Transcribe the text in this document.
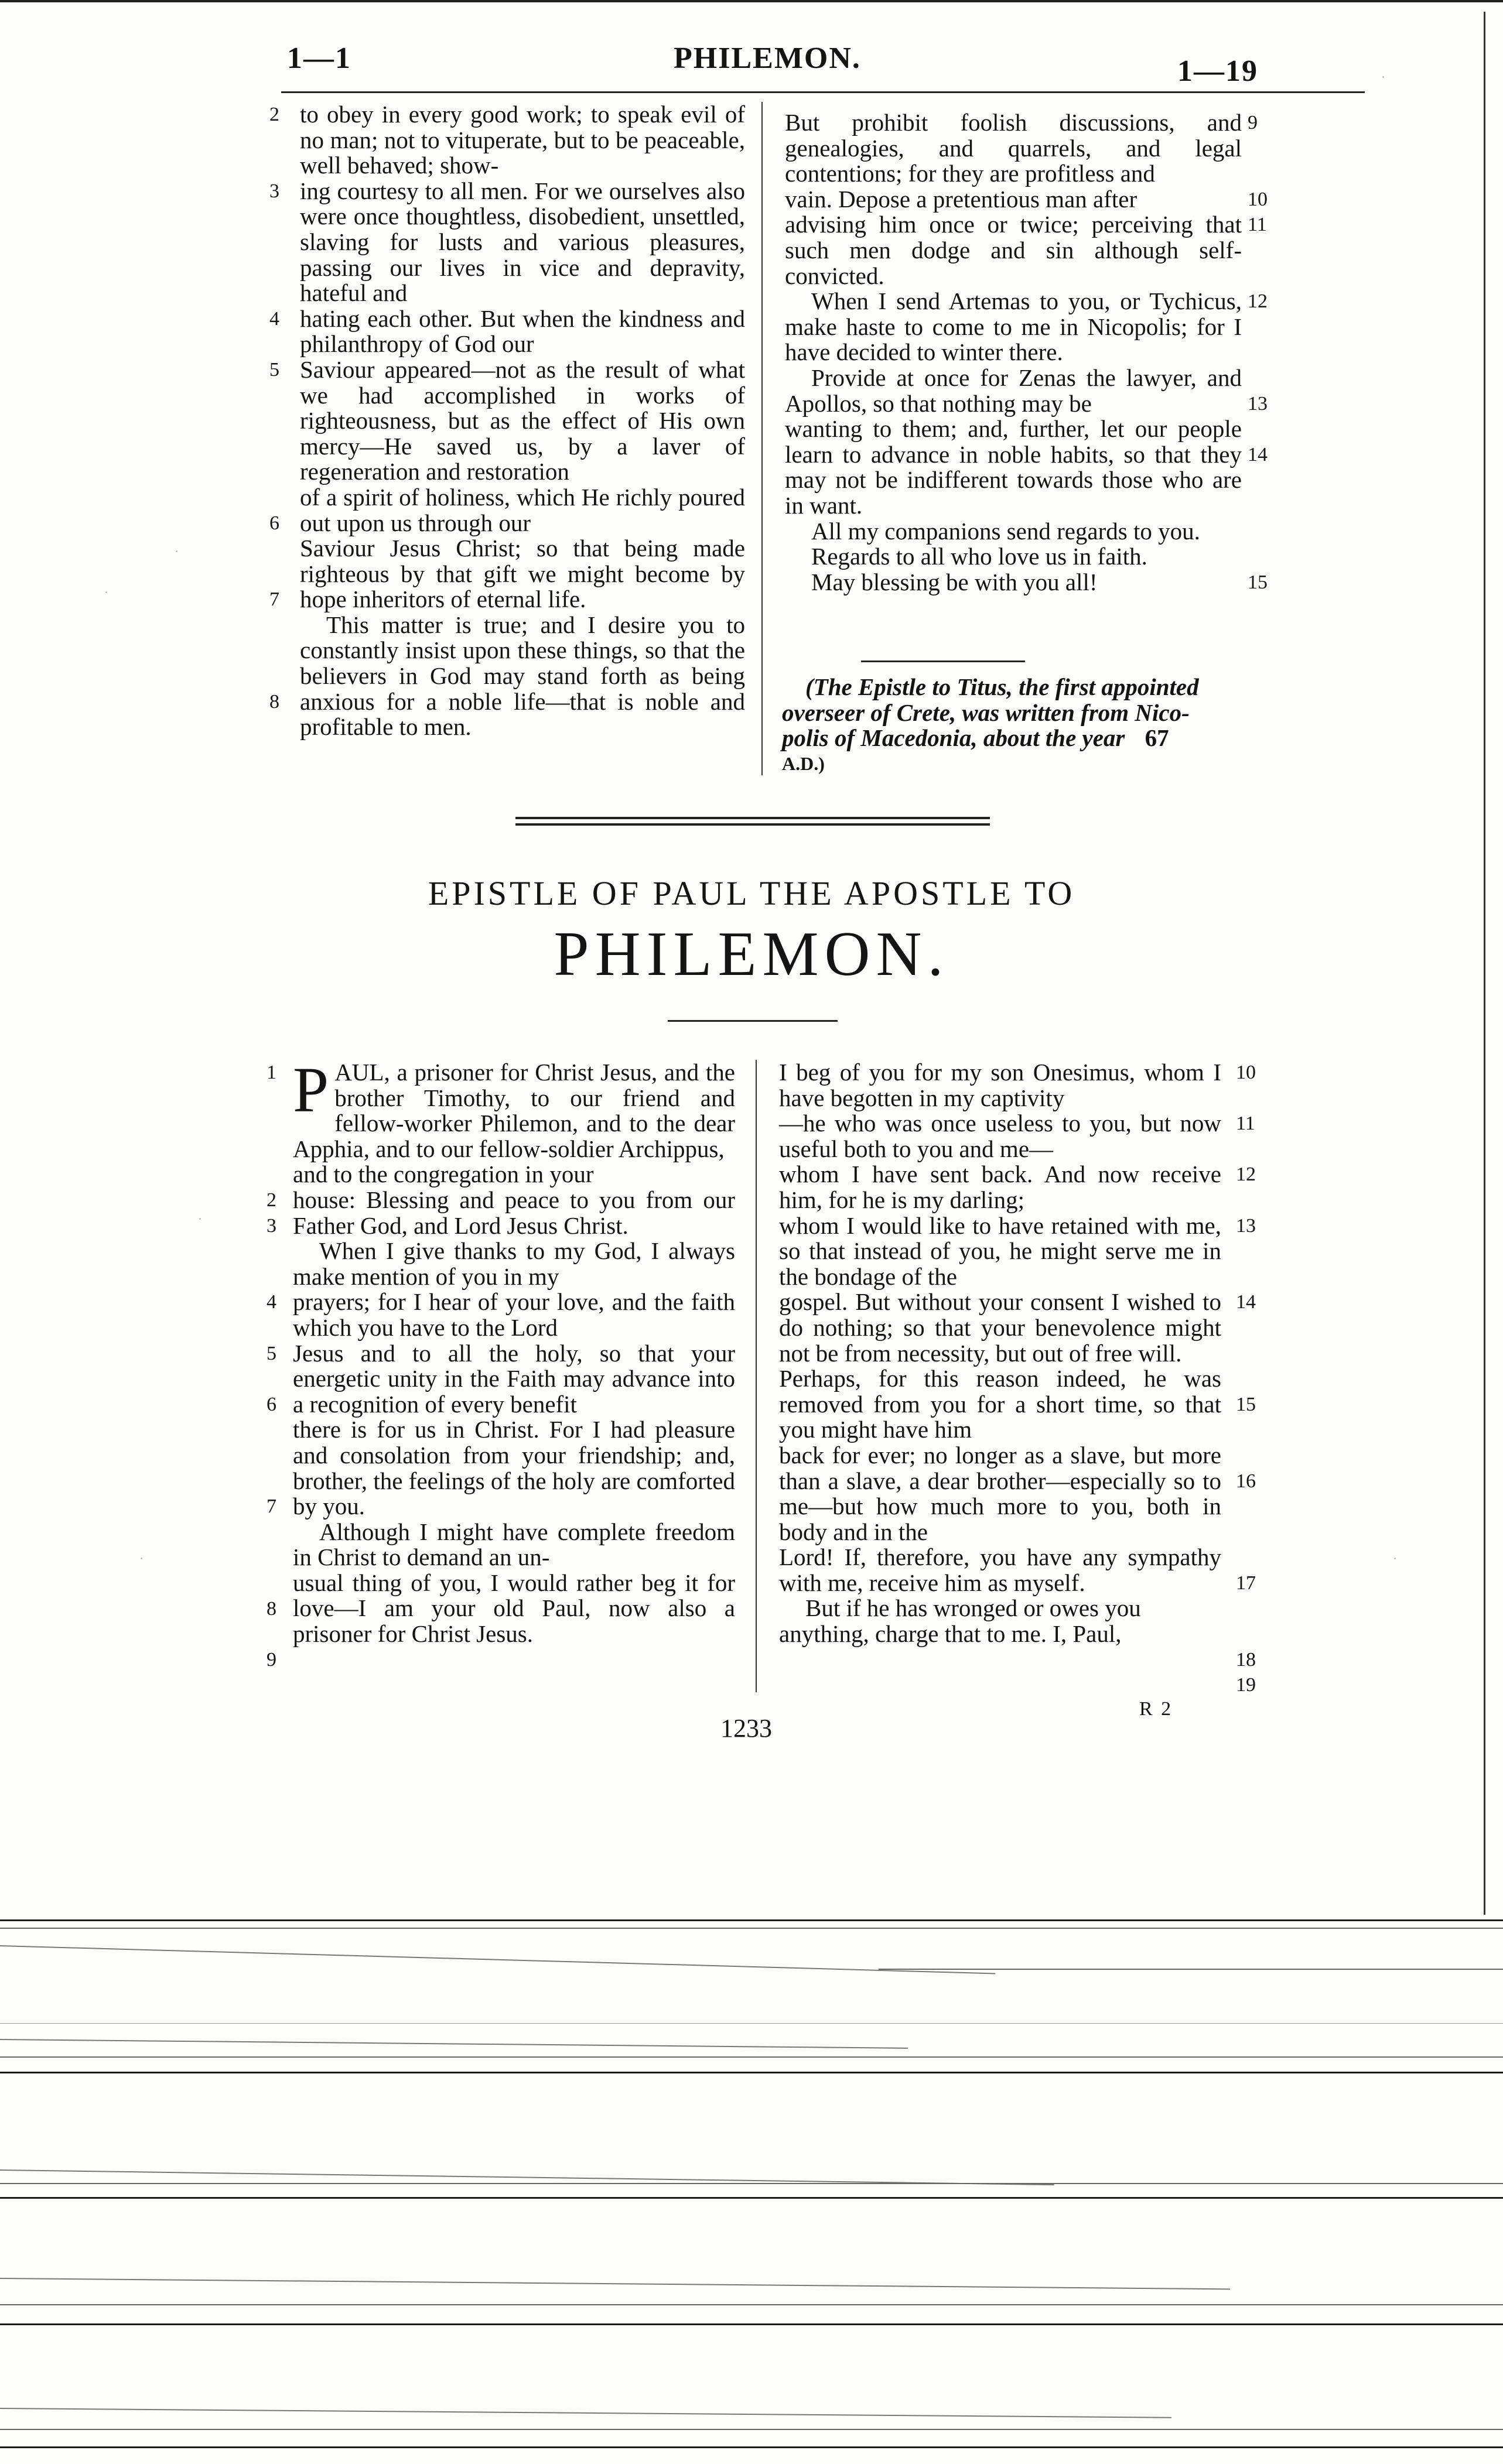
1—1	PHILEMON.	1—19
2
3
4
5
6
7
8

to obey in every good work; to speak evil of no man; not to vituperate, but to be peaceable, well behaved; show-

ing courtesy to all men. For we ourselves also were once thoughtless, disobedient, unsettled, slaving for lusts and various pleasures, passing our lives in vice and depravity, hateful and

hating each other. But when the kindness and philanthropy of God our

Saviour appeared—not as the result of what we had accomplished in works of righteousness, but as the effect of His own mercy—He saved us, by a laver of regeneration and restoration

of a spirit of holiness, which He richly poured out upon us through our

Saviour Jesus Christ; so that being made righteous by that gift we might become by hope inheritors of eternal life.

This matter is true; and I desire you to constantly insist upon these things, so that the believers in God may stand forth as being anxious for a noble life—that is noble and profitable to men.

But prohibit foolish discussions, and genealogies, and quarrels, and legal contentions; for they are profitless and

vain. Depose a pretentious man after

advising him once or twice; perceiving that such men dodge and sin although self-convicted.

When I send Artemas to you, or Tychicus, make haste to come to me in Nicopolis; for I have decided to winter there.

Provide at once for Zenas the lawyer, and Apollos, so that nothing may be

wanting to them; and, further, let our people learn to advance in noble habits, so that they may not be indifferent towards those who are in want.

All my companions send regards to you.

Regards to all who love us in faith.

May blessing be with you all!

9
10
11
12
13
14
15
(The Epistle to Titus, the first appointed
overseer of Crete, was written from Nico-
polis of Macedonia, about the year 67
A.D.)
EPISTLE OF PAUL THE APOSTLE TO
PHILEMON.
1
2
3
4
5
6
7
8
9

PAUL, a prisoner for Christ Jesus, and the brother Timothy, to our friend and fellow-worker Philemon, and to the dear Apphia, and to our fellow-soldier Archippus,

and to the congregation in your

house: Blessing and peace to you from our Father God, and Lord Jesus Christ.

When I give thanks to my God, I always make mention of you in my

prayers; for I hear of your love, and the faith which you have to the Lord

Jesus and to all the holy, so that your energetic unity in the Faith may advance into a recognition of every benefit

there is for us in Christ. For I had pleasure and consolation from your friendship; and, brother, the feelings of the holy are comforted by you.

Although I might have complete freedom in Christ to demand an un-

usual thing of you, I would rather beg it for love—I am your old Paul, now also a prisoner for Christ Jesus.

I beg of you for my son Onesimus, whom I have begotten in my captivity

—he who was once useless to you, but now useful both to you and me—

whom I have sent back. And now receive him, for he is my darling;

whom I would like to have retained with me, so that instead of you, he might serve me in the bondage of the

gospel. But without your consent I wished to do nothing; so that your benevolence might not be from necessity, but out of free will.

Perhaps, for this reason indeed, he was removed from you for a short time, so that you might have him

back for ever; no longer as a slave, but more than a slave, a dear brother—especially so to me—but how much more to you, both in body and in the

Lord! If, therefore, you have any sympathy with me, receive him as myself.

But if he has wronged or owes you

anything, charge that to me. I, Paul,

10
11
12
13
14
15
16
17
18
19
1233
R 2
